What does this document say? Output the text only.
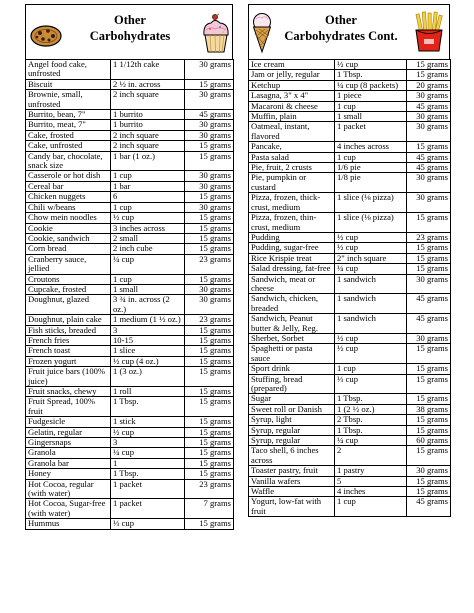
Other
Carbohydrates
Angel food cake, unfrosted	1 1/12th cake	30 grams
Biscuit	2 ½ in. across	15 grams
Brownie, small, unfrosted	2 inch square	30 grams
Burrito, bean, 7"	1 burrito	45 grams
Burrito, meat, 7"	1 burrito	30 grams
Cake, frosted	2 inch square	30 grams
Cake, unfrosted	2 inch square	15 grams
Candy bar, chocolate, snack size	1 bar (1 oz.)	15 grams
Casserole or hot dish	1 cup	30 grams
Cereal bar	1 bar	30 grams
Chicken nuggets	6	15 grams
Chili w/beans	1 cup	30 grams
Chow mein noodles	½ cup	15 grams
Cookie	3 inches across	15 grams
Cookie, sandwich	2 small	15 grams
Corn bread	2 inch cube	15 grams
Cranberry sauce, jellied	¼ cup	23 grams
Croutons	1 cup	15 grams
Cupcake, frosted	1 small	30 grams
Doughnut, glazed	3 ¾ in. across (2 oz.)	30 grams
Doughnut, plain cake	1 medium (1 ½ oz.)	23 grams
Fish sticks, breaded	3	15 grams
French fries	10-15	15 grams
French toast	1 slice	15 grams
Frozen yogurt	½ cup (4 oz.)	15 grams
Fruit juice bars (100% juice)	1 (3 oz.)	15 grams
Fruit snacks, chewy	1 roll	15 grams
Fruit Spread, 100% fruit	1 Tbsp.	15 grams
Fudgesicle	1 stick	15 grams
Gelatin, regular	½ cup	15 grams
Gingersnaps	3	15 grams
Granola	¼ cup	15 grams
Granola bar	1	15 grams
Honey	1 Tbsp.	15 grams
Hot Cocoa, regular (with water)	1 packet	23 grams
Hot Cocoa, Sugar-free (with water)	1 packet	7 grams
Hummus	⅓ cup	15 grams
Other
Carbohydrates Cont.
Ice cream	½ cup	15 grams
Jam or jelly, regular	1 Tbsp.	15 grams
Ketchup	¼ cup (8 packets)	20 grams
Lasagna, 3" x 4"	1 piece	30 grams
Macaroni & cheese	1 cup	45 grams
Muffin, plain	1 small	30 grams
Oatmeal, instant, flavored	1 packet	30 grams
Pancake,	4 inches across	15 grams
Pasta salad	1 cup	45 grams
Pie, fruit, 2 crusts	1/6 pie	45 grams
Pie, pumpkin or custard	1/8 pie	30 grams
Pizza, frozen, thick-crust, medium	1 slice (⅛ pizza)	30 grams
Pizza, frozen, thin-crust, medium	1 slice (⅛ pizza)	15 grams
Pudding	½ cup	23 grams
Pudding, sugar-free	½ cup	15 grams
Rice Krispie treat	2" inch square	15 grams
Salad dressing, fat-free	¼ cup	15 grams
Sandwich, meat or cheese	1 sandwich	30 grams
Sandwich, chicken, breaded	1 sandwich	45 grams
Sandwich, Peanut butter & Jelly, Reg.	1 sandwich	45 grams
Sherbet, Sorbet	½ cup	30 grams
Spaghetti or pasta sauce	½ cup	15 grams
Sport drink	1 cup	15 grams
Stuffing, bread (prepared)	⅓ cup	15 grams
Sugar	1 Tbsp.	15 grams
Sweet roll or Danish	1 (2 ½ oz.)	38 grams
Syrup, light	2 Tbsp.	15 grams
Syrup, regular	1 Tbsp.	15 grams
Syrup, regular	¼ cup	60 grams
Taco shell, 6 inches across	2	15 grams
Toaster pastry, fruit	1 pastry	30 grams
Vanilla wafers	5	15 grams
Waffle	4 inches	15 grams
Yogurt, low-fat with fruit	1 cup	45 grams
